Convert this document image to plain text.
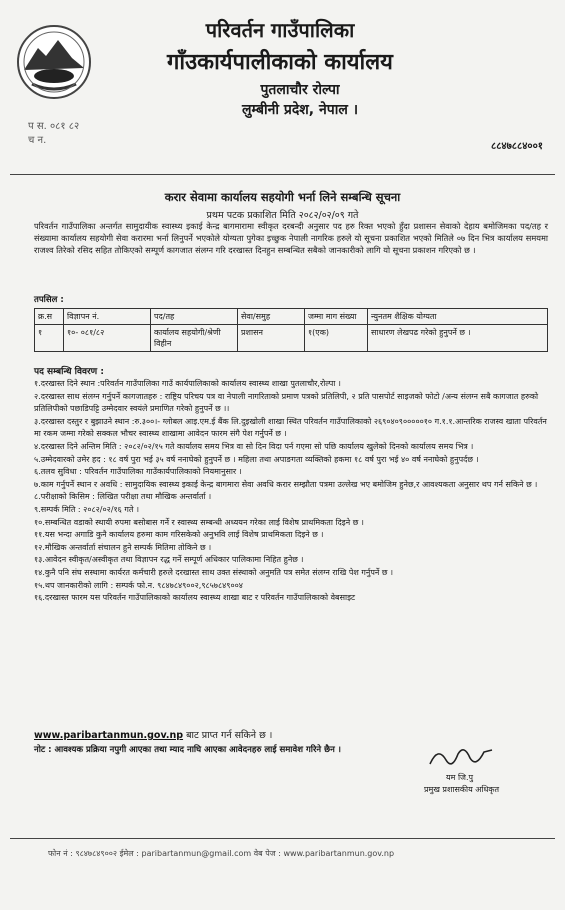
परिवर्तन गाउँपालिका
गाँउकार्यपालीकाको कार्यालय
पुतलाचौर रोल्पा
लुम्बीनी प्रदेश, नेपाल ।
प स. ०८१ ८२
च न.
८८४७८८४००१
करार सेवामा कार्यालय सहयोगी भर्ना लिने सम्बन्धि सूचना
प्रथम पटक प्रकाशित मिति २०८२/०२/०९ गते
परिवर्तन गाउँपालिका अन्तर्गत सामुदायीक स्वास्थ्य इकाई केन्द्र बागमारामा स्वीकृत दरबन्दी अनुसार पद हरु रिक्त भएको हुँदा प्रशासन सेवाको देहाय बमोजिमका पद/तह र संख्यामा कार्यालय सहयोगी सेवा करारमा भर्ना लिनुपर्ने भएकोले योग्यता पुगेका इच्छुक नेपाली नागरिक हरुले यो सूचना प्रकाशित भएको मितिले ०७ दिन भित्र कार्यालय समयमा राजश्व तिरेको रसिद सहित तोकिएको सम्पूर्ण कागजात संलग्न गरि दरखास्त दिनहुन सम्बन्धित सबैको जानकारीको लागि यो सूचना प्रकाशन गरिएको छ ।
तपसिल :
क्र.स	विज्ञापन नं.	पद/तह	सेवा/समुह	जम्मा माग संख्या	न्युनतम शैक्षिक योग्यता
१	१०- ०८१/८२	कार्यालय सहयोगी/श्रेणी विहीन	प्रशासन	१(एक)	साधारण लेखपढ गरेको हुनुपर्ने छ ।
पद सम्बन्धि विवरण :
१.दरखास्त दिने स्थान :परिवर्तन गाउँपालिका गाउँ कार्यपालिकाको कार्यालय स्वास्थ्य शाखा पुतलाचौर,रोल्पा ।
२.दरखास्त साथ संलग्न गर्नुपर्ने कागजातहरु : राष्ट्रिय परिचय पत्र वा नेपाली नागरिताको प्रमाण पत्रको प्रतिलिपी, २ प्रति पासपोर्ट साइजको फोटो /अन्य संलग्न सबै कागजात हरुको प्रतिलिपीको पछाडिपट्टि उम्मेदवार स्वयंले प्रमाणित गरेको हुनुपर्ने छ ।।
३.दरखास्त दस्तुर र बुझाउने स्थान :रु.३००।- ग्लोबल आइ.एम.ई बैंक लि.दुइखोली शाखा स्थित परिवर्तन गाउँपालिकाको २६९०४०९०००००१० ग.१.१.आन्तरिक राजस्व खाता परिवर्तन मा रकम जम्मा गरेको सक्कल भौचर स्वास्थ्य शाखामा आवेदन फारम संगै पेश गर्नुपर्ने छ ।
४.दरखास्त दिने अन्तिम मिति : २०८२/०२/१५ गते कार्यालय समय भित्र वा सो दिन विदा पर्न गएमा सो पछि कार्यालय खुलेको दिनको कार्यालय समय भित्र ।
५.उम्मेदवारको उमेर हद : १८ वर्ष पुरा भई ३५ वर्ष ननाघेको हुनुपर्ने छ । महिला तथा अपाङगता व्यक्तिको हकमा १८ वर्ष पुरा भई ४० वर्ष ननाघेको हुनुपर्दछ ।
६.तलव सुविधा : परिवर्तन गाउँपालिका गाउँकार्यपालिकाको नियमानुसार ।
७.काम गर्नुपर्ने स्थान र अवधि : सामुदायिक स्वास्थ्य इकाई केन्द्र बागमारा सेवा अवधि करार सम्झौता पत्रमा उल्लेख भए बमोजिम हुनेछ,र आवश्यकता अनुसार थप गर्न सकिने छ ।
८.परीक्षाको किसिम : लिखित परीक्षा तथा मौखिक अन्तर्वार्ता ।
९.सम्पर्क मिति : २०८२/०२/१६ गते ।
१०.सम्बन्धित वडाको स्थायी रुपमा बसोबास गर्ने र स्वास्थ्य सम्बन्धी अध्ययन गरेका लाई विशेष प्राथमिकता दिइने छ ।
११.यस भन्दा अगाडि कुनै कार्यालय हरुमा काम गरिसकेको अनुभवि लाई विशेष प्राथमिकता दिइने छ ।
१२.मौखिक अन्तर्वार्ता संचालन हुने सम्पर्क मितिमा तोकिने छ ।
१३.आवेदन स्वीकृत/अस्वीकृत तथा विज्ञापन रद्ध गर्ने सम्पूर्ण अधिकार पालिकामा निहित हुनेछ ।
१४.कुनै पनि संघ सस्थामा कार्यरत कर्मचारी हरुले दरखास्त साथ उक्त संस्थाको अनुमति पत्र समेत संलग्न राखि पेश गर्नुपर्ने छ ।
१५.थप जानकारीको लागि : सम्पर्क फो.न. ९८४७८४९००२,९८५७८४९००४
१६.दरखास्त फारम यस परिवर्तन गाउँपालिकाको कार्यालय स्वास्थ्य शाखा बाट र परिवर्तन गाउँपालिकाको वेबसाइट
www.paribartanmun.gov.np बाट प्राप्त गर्न सकिने छ ।
नोट : आवश्यक प्रक्रिया नपुगी आएका तथा म्याद नाघि आएका आवेदनहरु लाई समावेश गरिने छैन ।
यम जि.पु
प्रमुख प्रशासकीय अधिकृत
फोन नं : ९८४७८४९००२ ईमेल : paribartanmun@gmail.com वेब पेज : www.paribartanmun.gov.np
